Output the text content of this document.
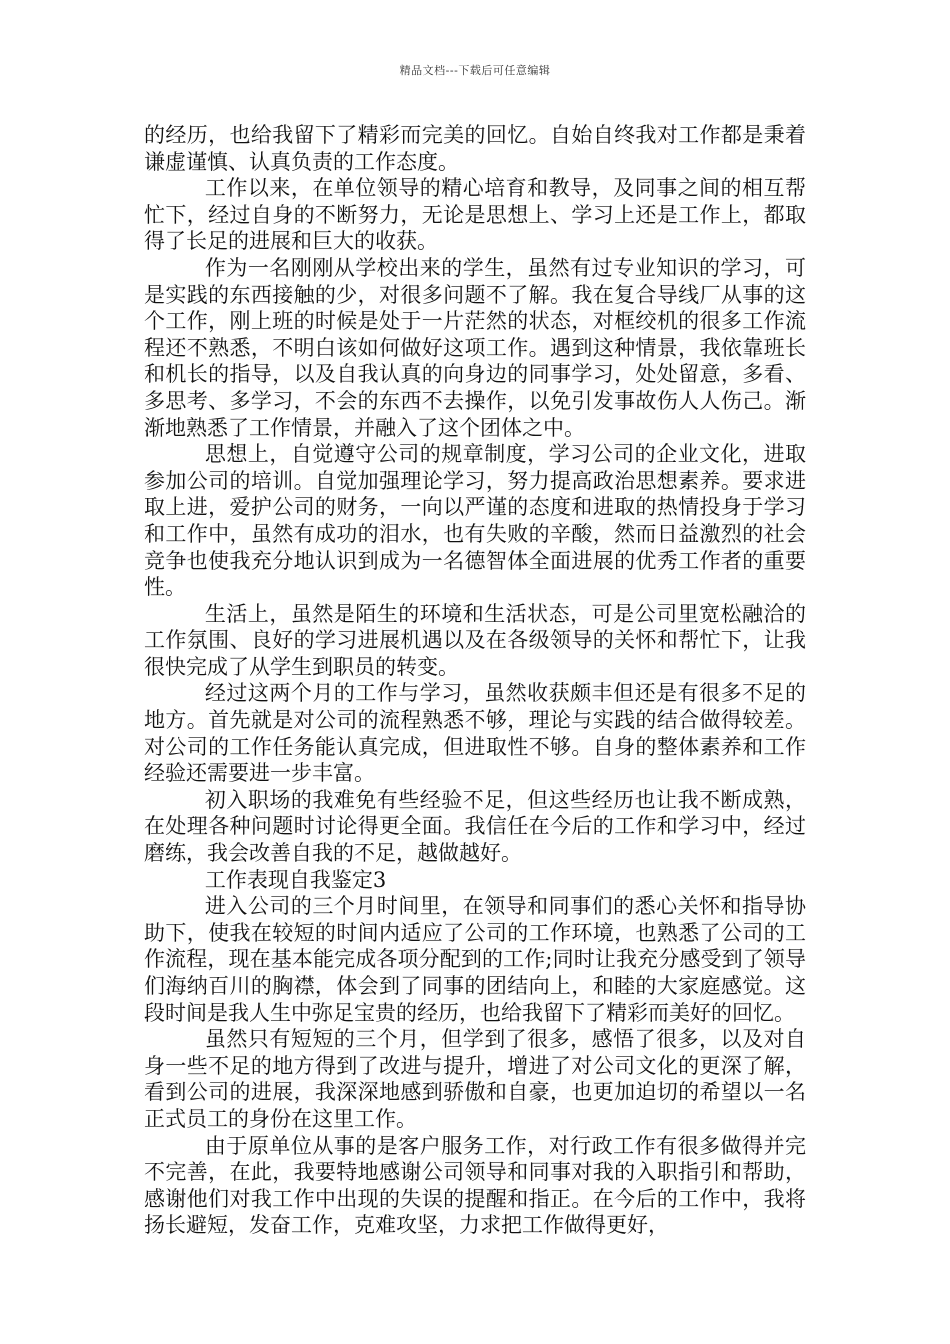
精品文档---下载后可任意编辑

的经历，也给我留下了精彩而完美的回忆。自始自终我对工作都是秉着谦虚谨慎、认真负责的工作态度。

工作以来，在单位领导的精心培育和教导，及同事之间的相互帮忙下，经过自身的不断努力，无论是思想上、学习上还是工作上，都取得了长足的进展和巨大的收获。

作为一名刚刚从学校出来的学生，虽然有过专业知识的学习，可是实践的东西接触的少，对很多问题不了解。我在复合导线厂从事的这个工作，刚上班的时候是处于一片茫然的状态，对框绞机的很多工作流程还不熟悉，不明白该如何做好这项工作。遇到这种情景，我依靠班长和机长的指导，以及自我认真的向身边的同事学习，处处留意，多看、多思考、多学习，不会的东西不去操作，以免引发事故伤人人伤己。渐渐地熟悉了工作情景，并融入了这个团体之中。

思想上，自觉遵守公司的规章制度，学习公司的企业文化，进取参加公司的培训。自觉加强理论学习，努力提高政治思想素养。要求进取上进，爱护公司的财务，一向以严谨的态度和进取的热情投身于学习和工作中，虽然有成功的泪水，也有失败的辛酸，然而日益激烈的社会竞争也使我充分地认识到成为一名德智体全面进展的优秀工作者的重要性。

生活上，虽然是陌生的环境和生活状态，可是公司里宽松融洽的工作氛围、良好的学习进展机遇以及在各级领导的关怀和帮忙下，让我很快完成了从学生到职员的转变。

经过这两个月的工作与学习，虽然收获颇丰但还是有很多不足的地方。首先就是对公司的流程熟悉不够，理论与实践的结合做得较差。对公司的工作任务能认真完成，但进取性不够。自身的整体素养和工作经验还需要进一步丰富。

初入职场的我难免有些经验不足，但这些经历也让我不断成熟，在处理各种问题时讨论得更全面。我信任在今后的工作和学习中，经过磨练，我会改善自我的不足，越做越好。

工作表现自我鉴定3

进入公司的三个月时间里，在领导和同事们的悉心关怀和指导协助下，使我在较短的时间内适应了公司的工作环境，也熟悉了公司的工作流程，现在基本能完成各项分配到的工作;同时让我充分感受到了领导们海纳百川的胸襟，体会到了同事的团结向上，和睦的大家庭感觉。这段时间是我人生中弥足宝贵的经历，也给我留下了精彩而美好的回忆。

虽然只有短短的三个月，但学到了很多，感悟了很多，以及对自身一些不足的地方得到了改进与提升，增进了对公司文化的更深了解，看到公司的进展，我深深地感到骄傲和自豪，也更加迫切的希望以一名正式员工的身份在这里工作。

由于原单位从事的是客户服务工作，对行政工作有很多做得并完不完善，在此，我要特地感谢公司领导和同事对我的入职指引和帮助，感谢他们对我工作中出现的失误的提醒和指正。在今后的工作中，我将扬长避短，发奋工作，克难攻坚，力求把工作做得更好，
